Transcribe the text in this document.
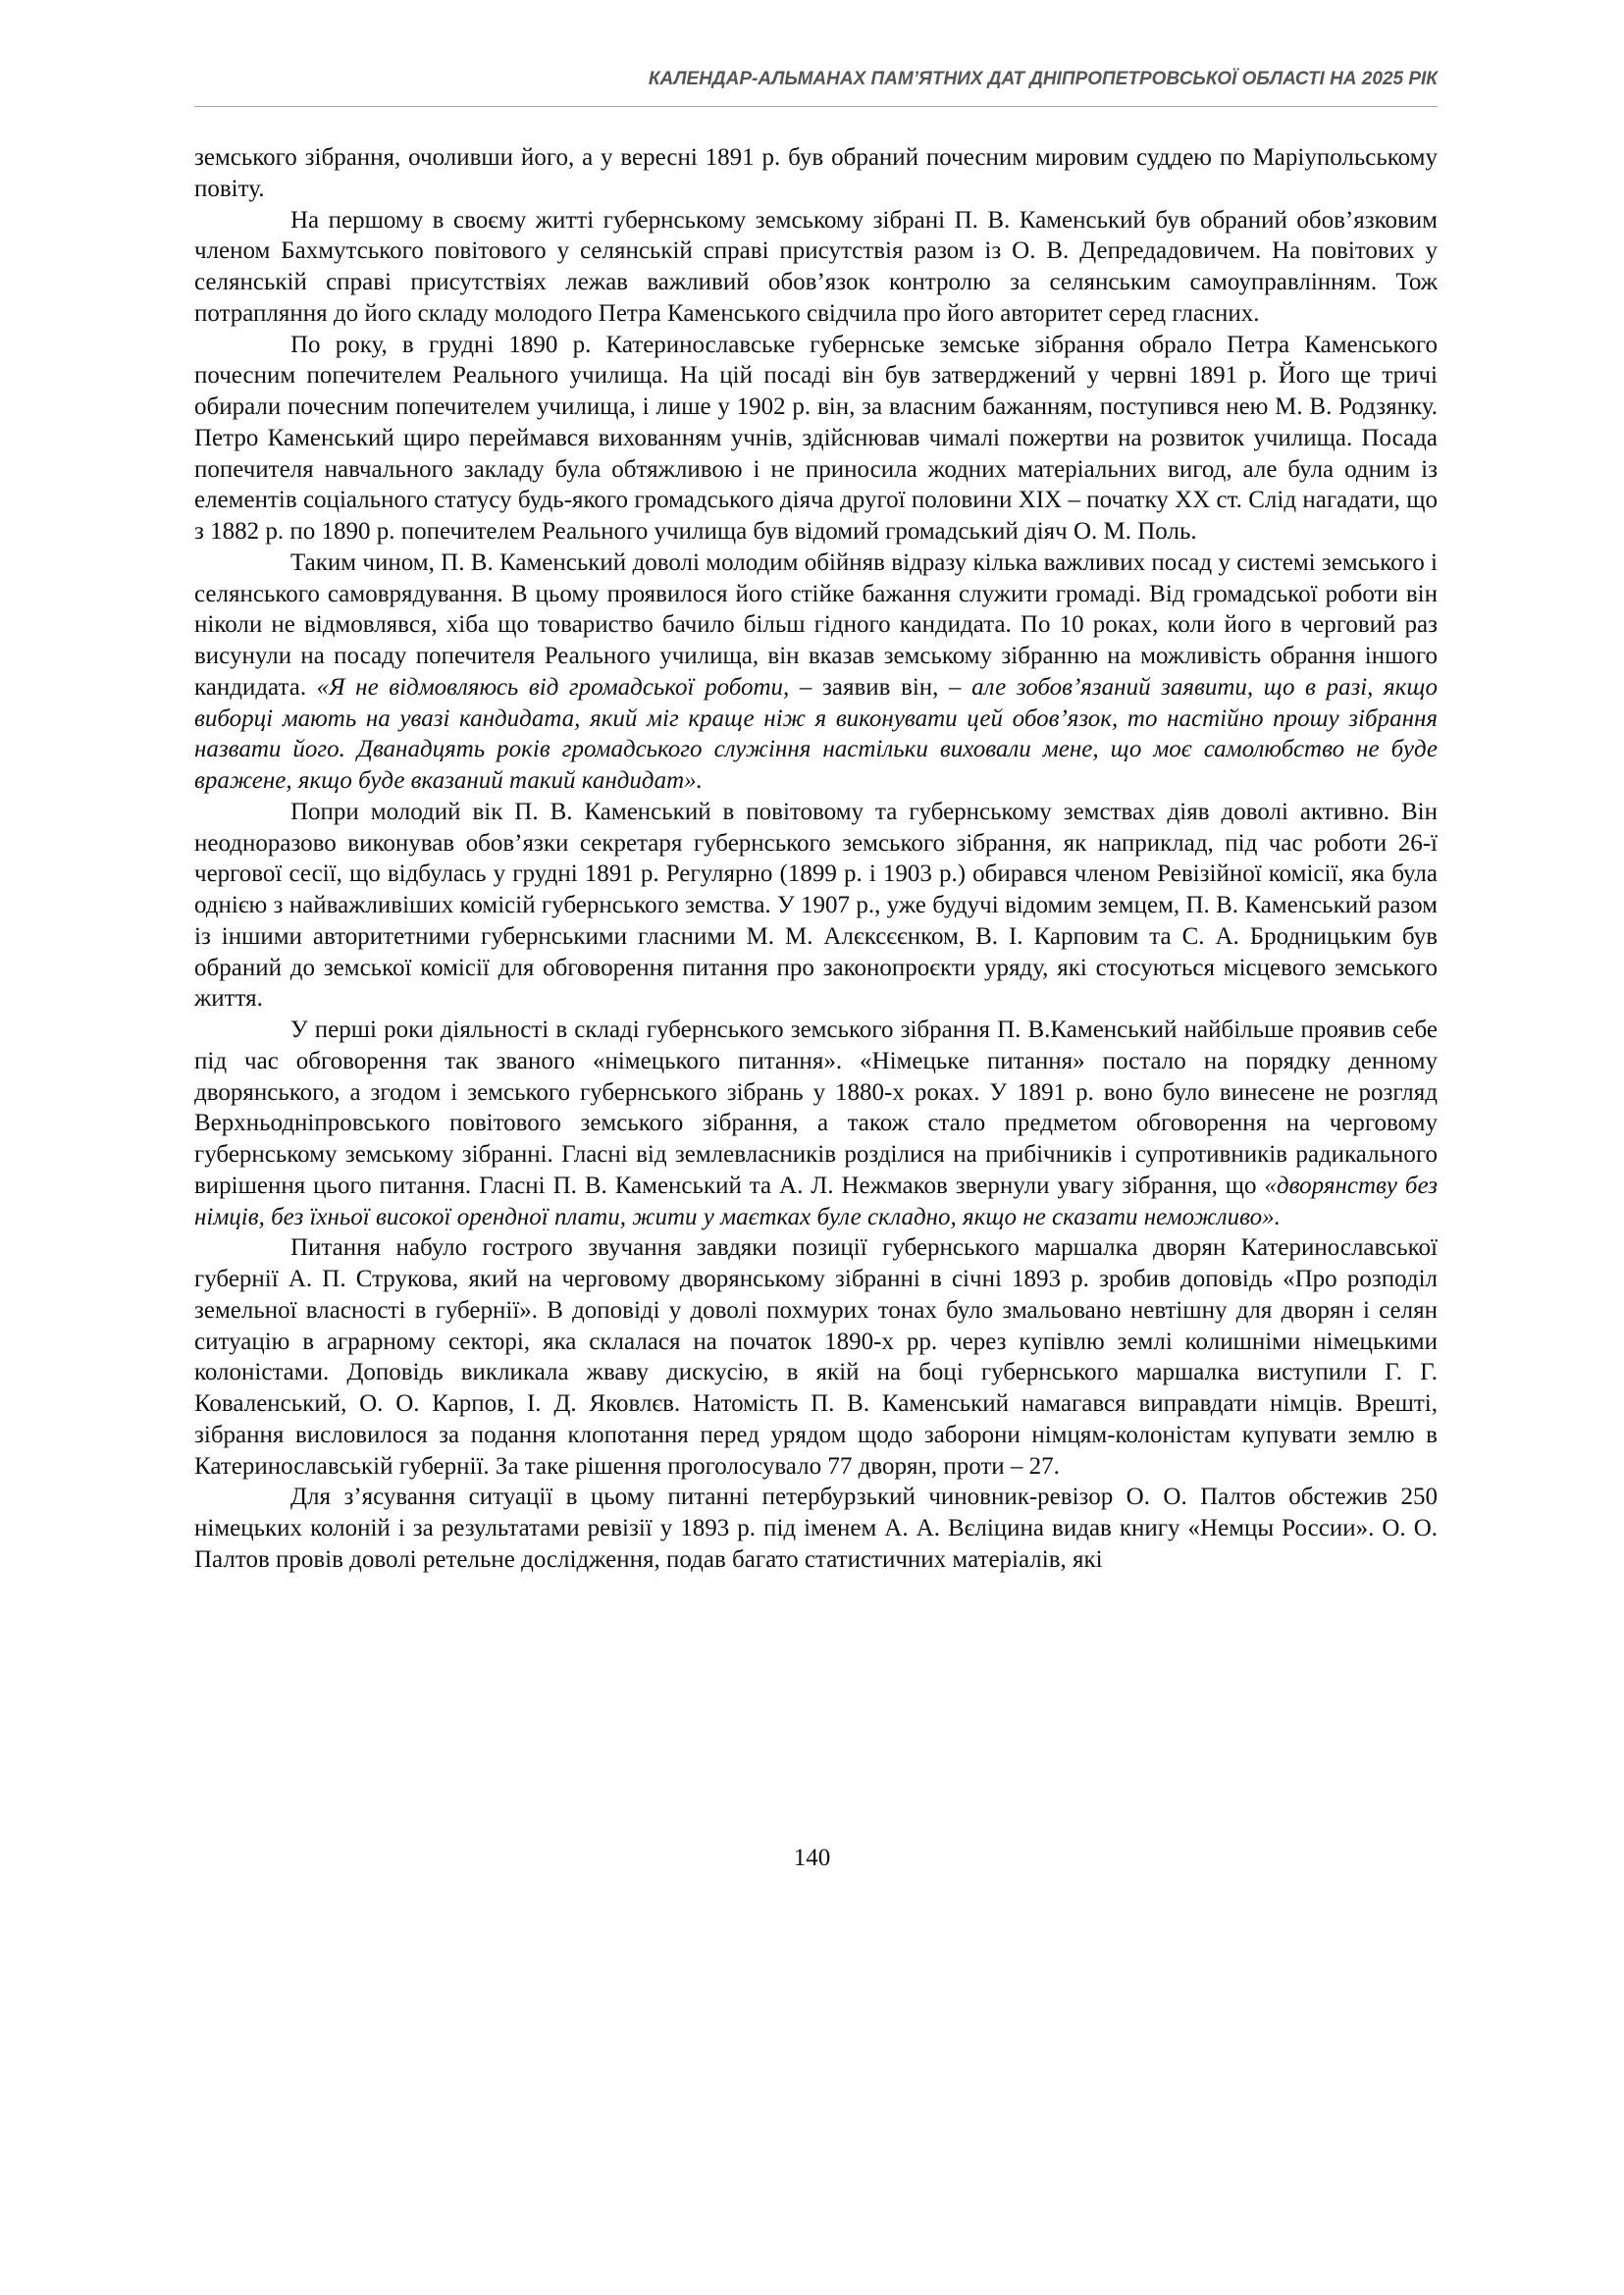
КАЛЕНДАР-АЛЬМАНАХ ПАМ’ЯТНИХ ДАТ ДНІПРОПЕТРОВСЬКОЇ ОБЛАСТІ НА 2025 РІК

земського зібрання, очоливши його, а у вересні 1891 р. був обраний почесним мировим суддею по Маріупольському повіту.

На першому в своєму житті губернському земському зібрані П. В. Каменський був обраний обов’язковим членом Бахмутського повітового у селянській справі присутствія разом із О. В. Депредадовичем. На повітових у селянській справі присутствіях лежав важливий обов’язок контролю за селянським самоуправлінням. Тож потрапляння до його складу молодого Петра Каменського свідчила про його авторитет серед гласних.

По року, в грудні 1890 р. Катеринославське губернське земське зібрання обрало Петра Каменського почесним попечителем Реального училища. На цій посаді він був затверджений у червні 1891 р. Його ще тричі обирали почесним попечителем училища, і лише у 1902 р. він, за власним бажанням, поступився нею М. В. Родзянку. Петро Каменський щиро переймався вихованням учнів, здійснював чималі пожертви на розвиток училища. Посада попечителя навчального закладу була обтяжливою і не приносила жодних матеріальних вигод, але була одним із елементів соціального статусу будь-якого громадського діяча другої половини XIX – початку XX ст. Слід нагадати, що з 1882 р. по 1890 р. попечителем Реального училища був відомий громадський діяч О. М. Поль.

Таким чином, П. В. Каменський доволі молодим обійняв відразу кілька важливих посад у системі земського і селянського самоврядування. В цьому проявилося його стійке бажання служити громаді. Від громадської роботи він ніколи не відмовлявся, хіба що товариство бачило більш гідного кандидата. По 10 роках, коли його в черговий раз висунули на посаду попечителя Реального училища, він вказав земському зібранню на можливість обрання іншого кандидата. «Я не відмовляюсь від громадської роботи, – заявив він, – але зобов’язаний заявити, що в разі, якщо виборці мають на увазі кандидата, який міг краще ніж я виконувати цей обов’язок, то настійно прошу зібрання назвати його. Дванадцять років громадського служіння настільки виховали мене, що моє самолюбство не буде вражене, якщо буде вказаний такий кандидат».

Попри молодий вік П. В. Каменський в повітовому та губернському земствах діяв доволі активно. Він неодноразово виконував обов’язки секретаря губернського земського зібрання, як наприклад, під час роботи 26-ї чергової сесії, що відбулась у грудні 1891 р. Регулярно (1899 р. і 1903 р.) обирався членом Ревізійної комісії, яка була однією з найважливіших комісій губернського земства. У 1907 р., уже будучі відомим земцем, П. В. Каменський разом із іншими авторитетними губернськими гласними М. М. Алєксєєнком, В. І. Карповим та С. А. Бродницьким був обраний до земської комісії для обговорення питання про законопроєкти уряду, які стосуються місцевого земського життя.

У перші роки діяльності в складі губернського земського зібрання П. В.Каменський найбільше проявив себе під час обговорення так званого «німецького питання». «Німецьке питання» постало на порядку денному дворянського, а згодом і земського губернського зібрань у 1880-х роках. У 1891 р. воно було винесене не розгляд Верхньодніпровського повітового земського зібрання, а також стало предметом обговорення на черговому губернському земському зібранні. Гласні від землевласників розділися на прибічників і супротивників радикального вирішення цього питання. Гласні П. В. Каменський та А. Л. Нежмаков звернули увагу зібрання, що «дворянству без німців, без їхньої високої орендної плати, жити у маєтках буле складно, якщо не сказати неможливо».

Питання набуло гострого звучання завдяки позиції губернського маршалка дворян Катеринославської губернії А. П. Струкова, який на черговому дворянському зібранні в січні 1893 р. зробив доповідь «Про розподіл земельної власності в губернії». В доповіді у доволі похмурих тонах було змальовано невтішну для дворян і селян ситуацію в аграрному секторі, яка склалася на початок 1890-х рр. через купівлю землі колишніми німецькими колоністами. Доповідь викликала жваву дискусію, в якій на боці губернського маршалка виступили Г. Г. Коваленський, О. О. Карпов, І. Д. Яковлєв. Натомість П. В. Каменський намагався виправдати німців. Врешті, зібрання висловилося за подання клопотання перед урядом щодо заборони німцям-колоністам купувати землю в Катеринославській губернії. За таке рішення проголосувало 77 дворян, проти – 27.

Для з’ясування ситуації в цьому питанні петербурзький чиновник-ревізор О. О. Палтов обстежив 250 німецьких колоній і за результатами ревізії у 1893 р. під іменем А. А. Вєліцина видав книгу «Немцы России». О. О. Палтов провів доволі ретельне дослідження, подав багато статистичних матеріалів, які

140
